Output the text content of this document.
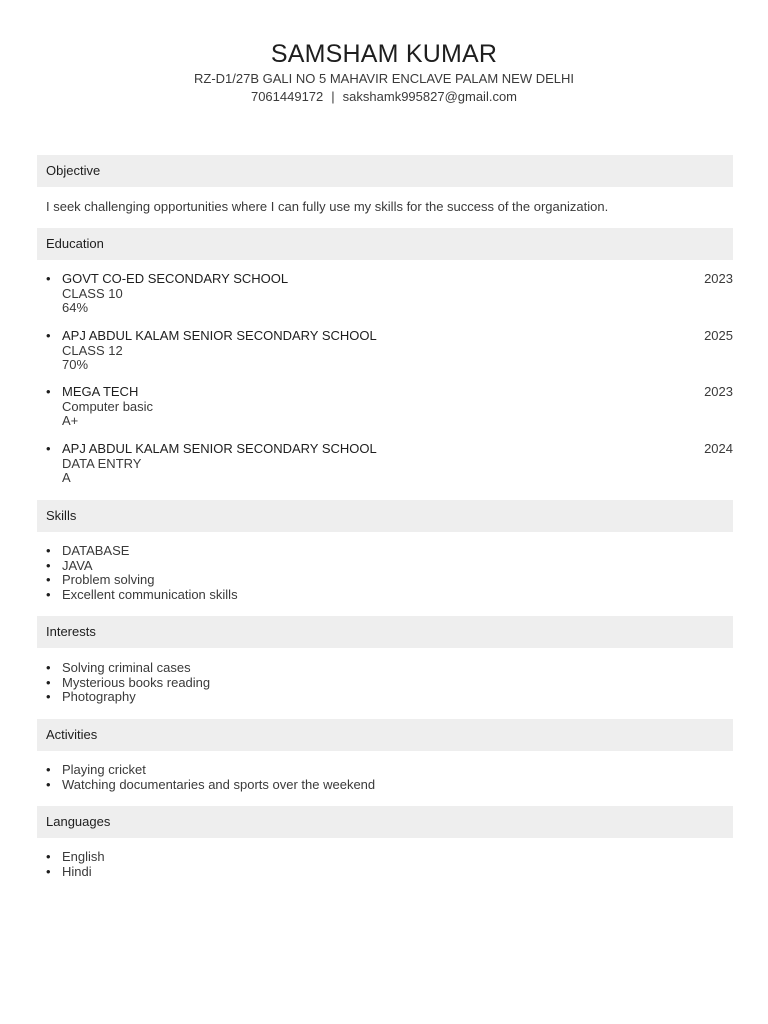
SAMSHAM KUMAR
RZ-D1/27B GALI NO 5 MAHAVIR ENCLAVE PALAM NEW DELHI
7061449172 | sakshamk995827@gmail.com
Objective
I seek challenging opportunities where I can fully use my skills for the success of the organization.
Education
• GOVT CO-ED SECONDARY SCHOOL	2023
CLASS 10
64%
• APJ ABDUL KALAM SENIOR SECONDARY SCHOOL	2025
CLASS 12
70%
• MEGA TECH	2023
Computer basic
A+
• APJ ABDUL KALAM SENIOR SECONDARY SCHOOL	2024
DATA ENTRY
A
Skills
• DATABASE
• JAVA
• Problem solving
• Excellent communication skills
Interests
• Solving criminal cases
• Mysterious books reading
• Photography
Activities
• Playing cricket
• Watching documentaries and sports over the weekend
Languages
• English
• Hindi
